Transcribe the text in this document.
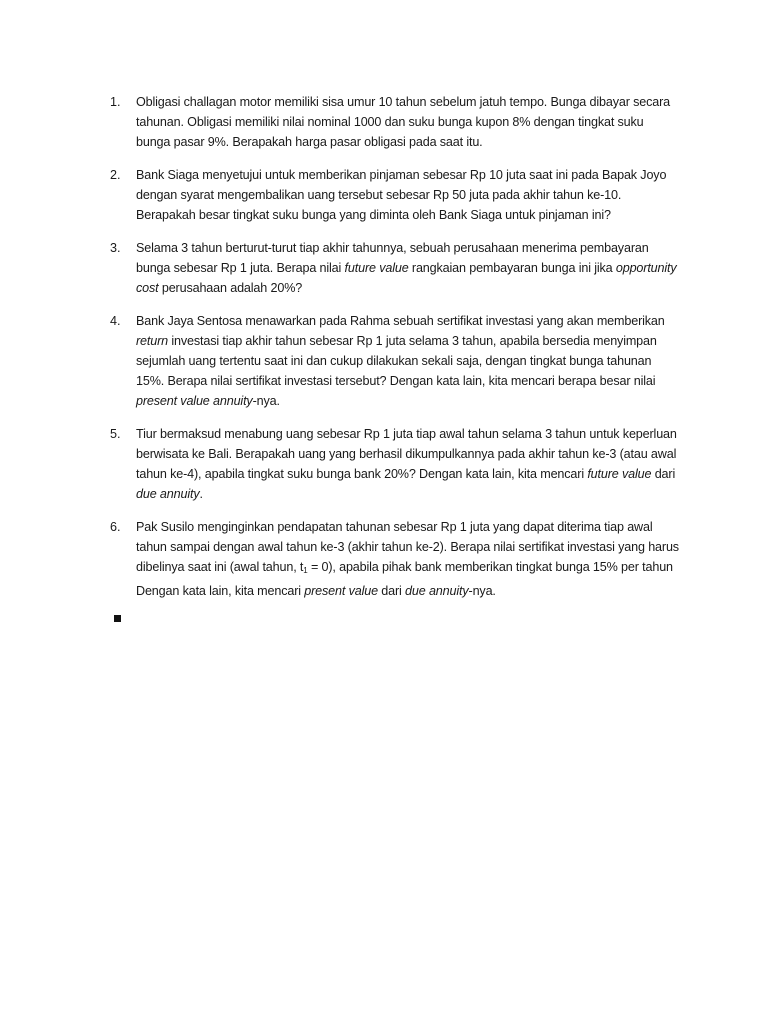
1.	Obligasi challagan motor memiliki sisa umur 10 tahun sebelum jatuh tempo. Bunga dibayar secara tahunan. Obligasi memiliki nilai nominal 1000 dan suku bunga kupon 8% dengan tingkat suku bunga pasar 9%. Berapakah harga pasar obligasi pada saat itu.
2.	Bank Siaga menyetujui untuk memberikan pinjaman sebesar Rp 10 juta saat ini pada Bapak Joyo dengan syarat mengembalikan uang tersebut sebesar Rp 50 juta pada akhir tahun ke-10. Berapakah besar tingkat suku bunga yang diminta oleh Bank Siaga untuk pinjaman ini?
3.	Selama 3 tahun berturut-turut tiap akhir tahunnya, sebuah perusahaan menerima pembayaran bunga sebesar Rp 1 juta. Berapa nilai future value rangkaian pembayaran bunga ini jika opportunity cost perusahaan adalah 20%?
4.	Bank Jaya Sentosa menawarkan pada Rahma sebuah sertifikat investasi yang akan memberikan return investasi tiap akhir tahun sebesar Rp 1 juta selama 3 tahun, apabila bersedia menyimpan sejumlah uang tertentu saat ini dan cukup dilakukan sekali saja, dengan tingkat bunga tahunan 15%. Berapa nilai sertifikat investasi tersebut? Dengan kata lain, kita mencari berapa besar nilai present value annuity-nya.
5.	Tiur bermaksud menabung uang sebesar Rp 1 juta tiap awal tahun selama 3 tahun untuk keperluan berwisata ke Bali. Berapakah uang yang berhasil dikumpulkannya pada akhir tahun ke-3 (atau awal tahun ke-4), apabila tingkat suku bunga bank 20%? Dengan kata lain, kita mencari future value dari due annuity.
6.	Pak Susilo menginginkan pendapatan tahunan sebesar Rp 1 juta yang dapat diterima tiap awal tahun sampai dengan awal tahun ke-3 (akhir tahun ke-2). Berapa nilai sertifikat investasi yang harus dibelinya saat ini (awal tahun, t1 = 0), apabila pihak bank memberikan tingkat bunga 15% per tahun Dengan kata lain, kita mencari present value dari due annuity-nya.
